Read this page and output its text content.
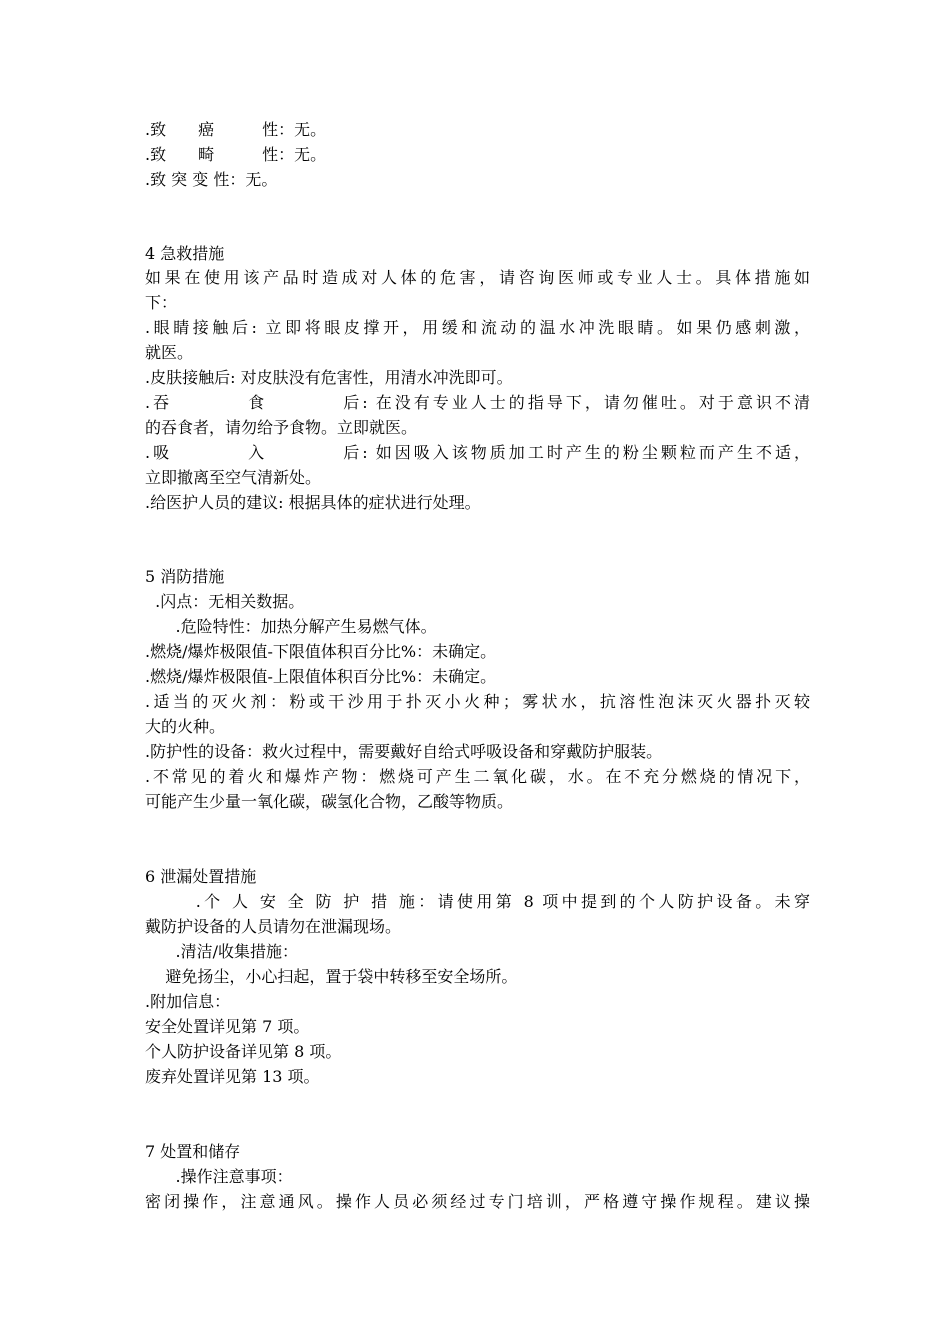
.致　　癌　　　性：无。
.致　　畸　　　性：无。
.致 突 变 性：无。
4 急救措施
如果在使用该产品时造成对人体的危害，请咨询医师或专业人士。具体措施如
下：
.眼睛接触后: 立即将眼皮撑开，用缓和流动的温水冲洗眼睛。如果仍感刺激，
就医。
.皮肤接触后: 对皮肤没有危害性，用清水冲洗即可。
.吞　　　　食　　　　后: 在没有专业人士的指导下，请勿催吐。对于意识不清
的吞食者，请勿给予食物。立即就医。
.吸　　　　入　　　　后: 如因吸入该物质加工时产生的粉尘颗粒而产生不适，
立即撤离至空气清新处。
.给医护人员的建议: 根据具体的症状进行处理。
5 消防措施
.闪点：无相关数据。
.危险特性：加热分解产生易燃气体。
.燃烧/爆炸极限值-下限值体积百分比%：未确定。
.燃烧/爆炸极限值-上限值体积百分比%：未确定。
.适当的灭火剂：粉或干沙用于扑灭小火种；雾状水，抗溶性泡沫灭火器扑灭较
大的火种。
.防护性的设备：救火过程中，需要戴好自给式呼吸设备和穿戴防护服装。
.不常见的着火和爆炸产物：燃烧可产生二氧化碳，水。在不充分燃烧的情况下，
可能产生少量一氧化碳，碳氢化合物，乙酸等物质。
6 泄漏处置措施
.个 人 安 全 防 护 措 施：请使用第 8 项中提到的个人防护设备。未穿
戴防护设备的人员请勿在泄漏现场。
.清洁/收集措施：
避免扬尘，小心扫起，置于袋中转移至安全场所。
.附加信息：
安全处置详见第 7 项。
个人防护设备详见第 8 项。
废弃处置详见第 13 项。
7 处置和储存
.操作注意事项：
密闭操作，注意通风。操作人员必须经过专门培训，严格遵守操作规程。建议操
